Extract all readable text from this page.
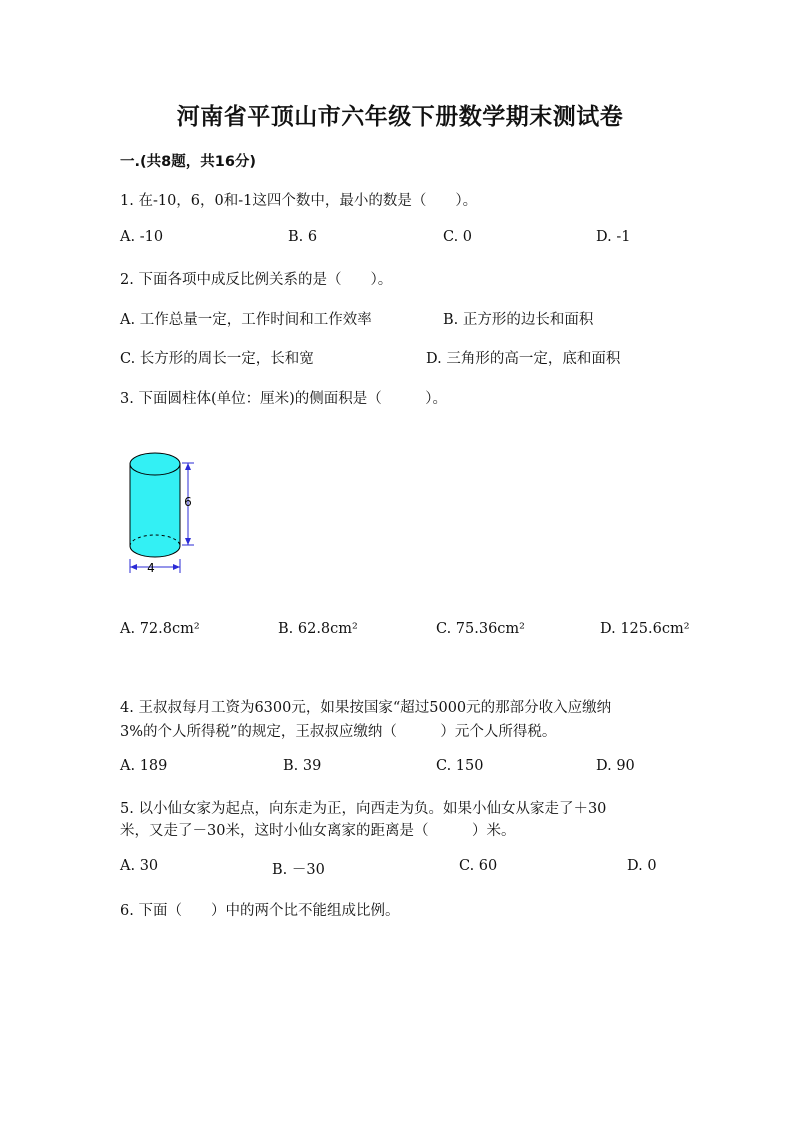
河南省平顶山市六年级下册数学期末测试卷
一.(共8题，共16分)
1. 在-10，6，0和-1这四个数中，最小的数是（　　）。
A. -10	B. 6	C. 0	D. -1
2. 下面各项中成反比例关系的是（　　）。
A. 工作总量一定，工作时间和工作效率	B. 正方形的边长和面积
C. 长方形的周长一定，长和宽	D. 三角形的高一定，底和面积
3. 下面圆柱体(单位：厘米)的侧面积是（　　　）。
6
4
A. 72.8cm²	B. 62.8cm²	C. 75.36cm²	D. 125.6cm²
4. 王叔叔每月工资为6300元，如果按国家“超过5000元的那部分收入应缴纳
3%的个人所得税”的规定，王叔叔应缴纳（　　　）元个人所得税。
A. 189	B. 39	C. 150	D. 90
5. 以小仙女家为起点，向东走为正，向西走为负。如果小仙女从家走了＋30
米，又走了－30米，这时小仙女离家的距离是（　　　）米。
A. 30	B. －30	C. 60	D. 0
6. 下面（　　）中的两个比不能组成比例。
